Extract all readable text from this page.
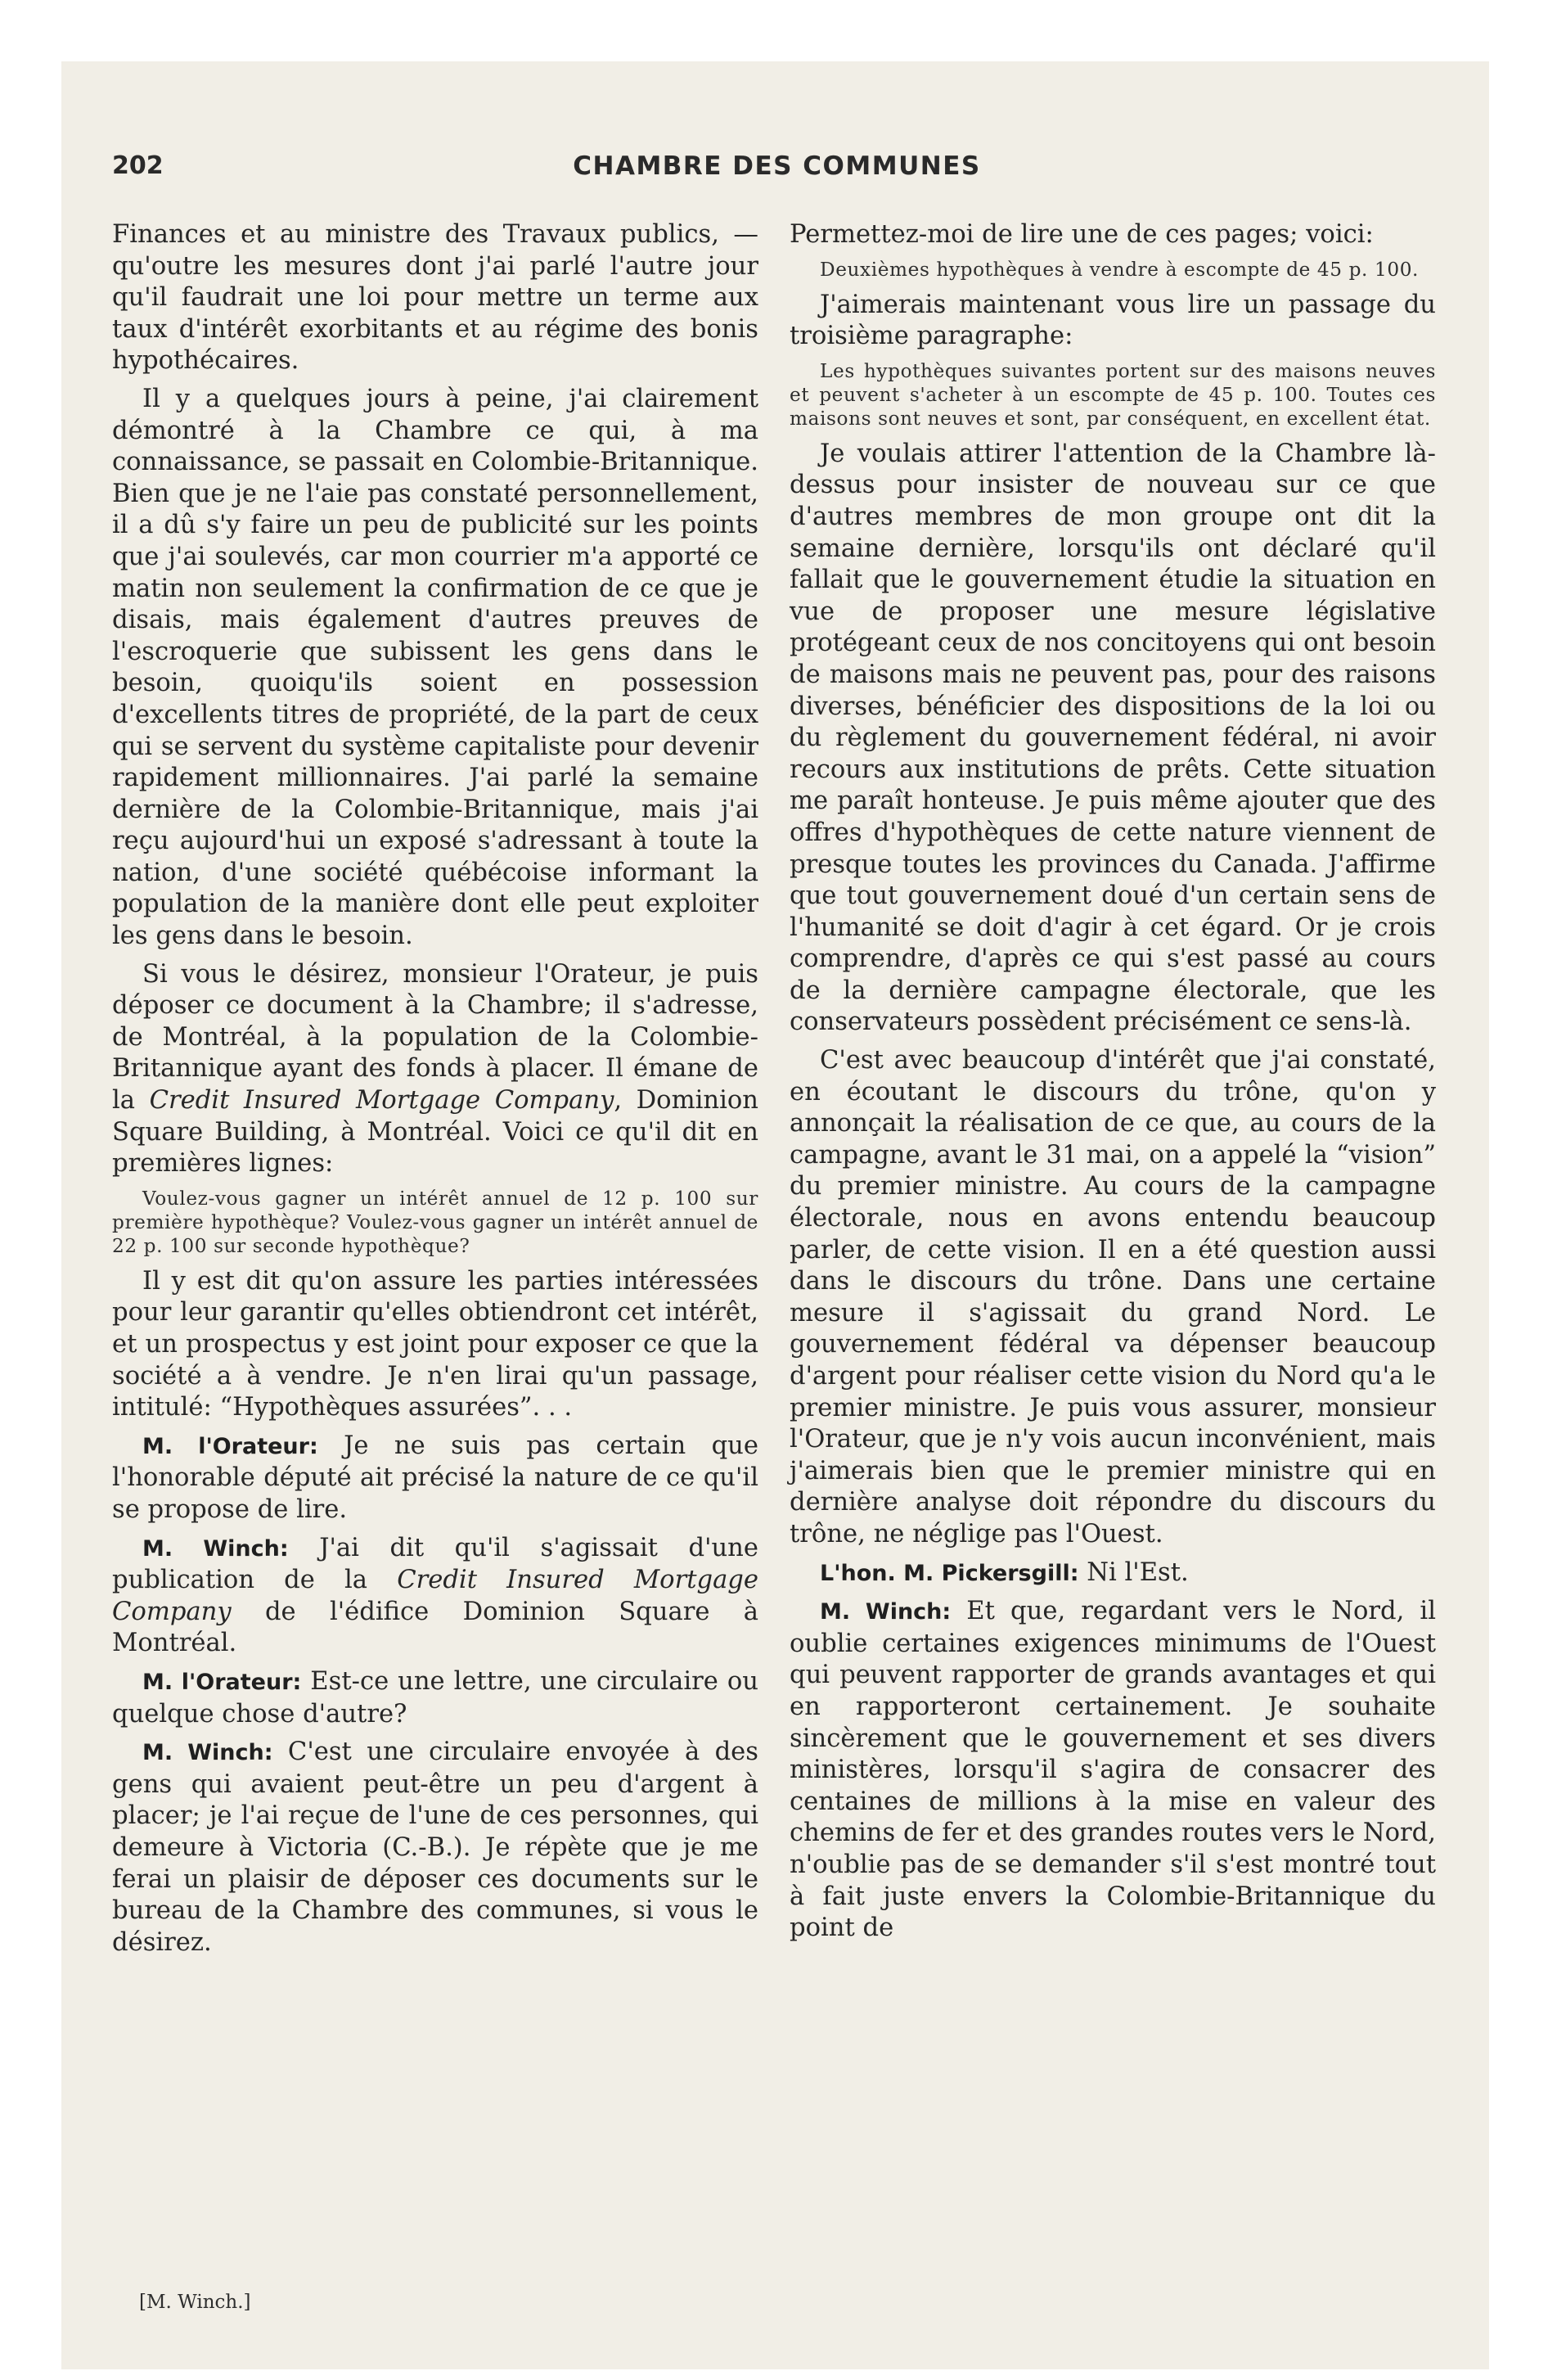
202	CHAMBRE DES COMMUNES

Finances et au ministre des Travaux publics, —qu'outre les mesures dont j'ai parlé l'autre jour qu'il faudrait une loi pour mettre un terme aux taux d'intérêt exorbitants et au régime des bonis hypothécaires.

Il y a quelques jours à peine, j'ai clairement démontré à la Chambre ce qui, à ma connaissance, se passait en Colombie-Britannique. Bien que je ne l'aie pas constaté personnellement, il a dû s'y faire un peu de publicité sur les points que j'ai soulevés, car mon courrier m'a apporté ce matin non seulement la confirmation de ce que je disais, mais également d'autres preuves de l'escroquerie que subissent les gens dans le besoin, quoiqu'ils soient en possession d'excellents titres de propriété, de la part de ceux qui se servent du système capitaliste pour devenir rapidement millionnaires. J'ai parlé la semaine dernière de la Colombie-Britannique, mais j'ai reçu aujourd'hui un exposé s'adressant à toute la nation, d'une société québécoise informant la population de la manière dont elle peut exploiter les gens dans le besoin.

Si vous le désirez, monsieur l'Orateur, je puis déposer ce document à la Chambre; il s'adresse, de Montréal, à la population de la Colombie-Britannique ayant des fonds à placer. Il émane de la Credit Insured Mortgage Company, Dominion Square Building, à Montréal. Voici ce qu'il dit en premières lignes:

Voulez-vous gagner un intérêt annuel de 12 p. 100 sur première hypothèque? Voulez-vous gagner un intérêt annuel de 22 p. 100 sur seconde hypothèque?

Il y est dit qu'on assure les parties intéressées pour leur garantir qu'elles obtiendront cet intérêt, et un prospectus y est joint pour exposer ce que la société a à vendre. Je n'en lirai qu'un passage, intitulé: “Hypothèques assurées”. . .

M. l'Orateur: Je ne suis pas certain que l'honorable député ait précisé la nature de ce qu'il se propose de lire.

M. Winch: J'ai dit qu'il s'agissait d'une publication de la Credit Insured Mortgage Company de l'édifice Dominion Square à Montréal.

M. l'Orateur: Est-ce une lettre, une circulaire ou quelque chose d'autre?

M. Winch: C'est une circulaire envoyée à des gens qui avaient peut-être un peu d'argent à placer; je l'ai reçue de l'une de ces personnes, qui demeure à Victoria (C.-B.). Je répète que je me ferai un plaisir de déposer ces documents sur le bureau de la Chambre des communes, si vous le désirez.

Permettez-moi de lire une de ces pages; voici:

Deuxièmes hypothèques à vendre à escompte de 45 p. 100.

J'aimerais maintenant vous lire un passage du troisième paragraphe:

Les hypothèques suivantes portent sur des maisons neuves et peuvent s'acheter à un escompte de 45 p. 100. Toutes ces maisons sont neuves et sont, par conséquent, en excellent état.

Je voulais attirer l'attention de la Chambre là-dessus pour insister de nouveau sur ce que d'autres membres de mon groupe ont dit la semaine dernière, lorsqu'ils ont déclaré qu'il fallait que le gouvernement étudie la situation en vue de proposer une mesure législative protégeant ceux de nos concitoyens qui ont besoin de maisons mais ne peuvent pas, pour des raisons diverses, bénéficier des dispositions de la loi ou du règlement du gouvernement fédéral, ni avoir recours aux institutions de prêts. Cette situation me paraît honteuse. Je puis même ajouter que des offres d'hypothèques de cette nature viennent de presque toutes les provinces du Canada. J'affirme que tout gouvernement doué d'un certain sens de l'humanité se doit d'agir à cet égard. Or je crois comprendre, d'après ce qui s'est passé au cours de la dernière campagne électorale, que les conservateurs possèdent précisément ce sens-là.

C'est avec beaucoup d'intérêt que j'ai constaté, en écoutant le discours du trône, qu'on y annonçait la réalisation de ce que, au cours de la campagne, avant le 31 mai, on a appelé la “vision” du premier ministre. Au cours de la campagne électorale, nous en avons entendu beaucoup parler, de cette vision. Il en a été question aussi dans le discours du trône. Dans une certaine mesure il s'agissait du grand Nord. Le gouvernement fédéral va dépenser beaucoup d'argent pour réaliser cette vision du Nord qu'a le premier ministre. Je puis vous assurer, monsieur l'Orateur, que je n'y vois aucun inconvénient, mais j'aimerais bien que le premier ministre qui en dernière analyse doit répondre du discours du trône, ne néglige pas l'Ouest.

L'hon. M. Pickersgill: Ni l'Est.

M. Winch: Et que, regardant vers le Nord, il oublie certaines exigences minimums de l'Ouest qui peuvent rapporter de grands avantages et qui en rapporteront certainement. Je souhaite sincèrement que le gouvernement et ses divers ministères, lorsqu'il s'agira de consacrer des centaines de millions à la mise en valeur des chemins de fer et des grandes routes vers le Nord, n'oublie pas de se demander s'il s'est montré tout à fait juste envers la Colombie-Britannique du point de

[M. Winch.]
